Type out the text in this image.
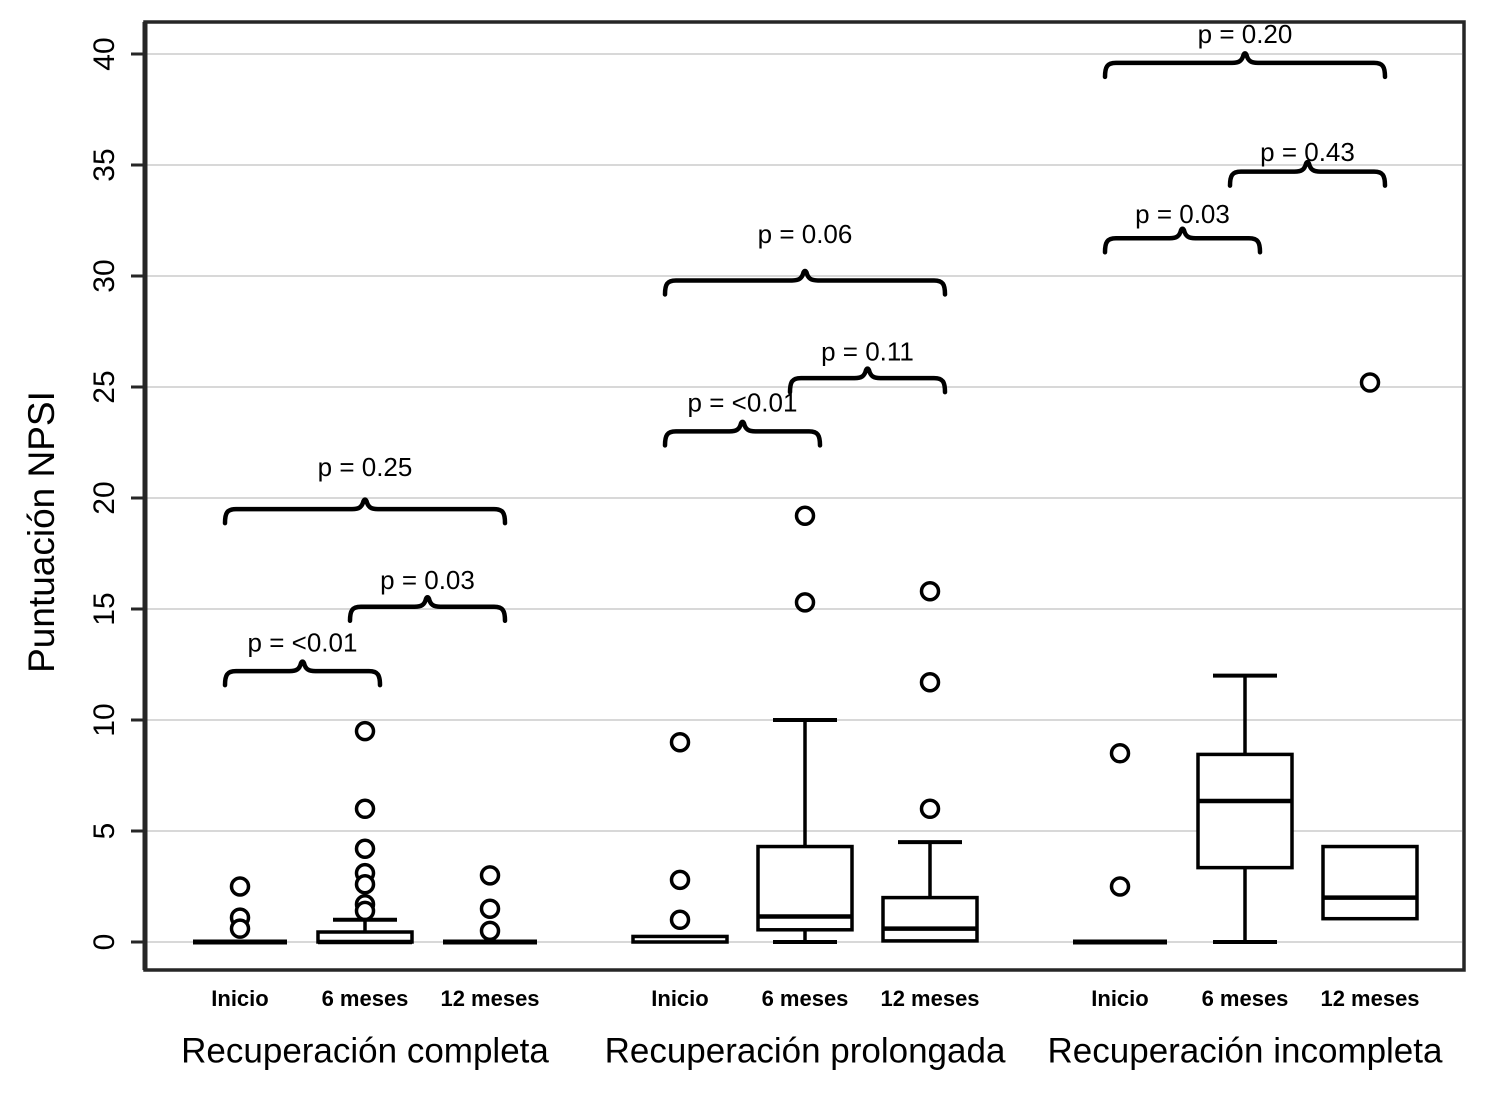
0
5
10
15
20
25
30
35
40
p = <0.01
p = 0.03
p = 0.25
p = <0.01
p = 0.11
p = 0.06
p = 0.03
p = 0.43
p = 0.20
Inicio 6 meses 12 meses
Recuperación completa
Inicio 6 meses 12 meses
Recuperación prolongada
Inicio 6 meses 12 meses
Recuperación incompleta
Puntuación NPSI
